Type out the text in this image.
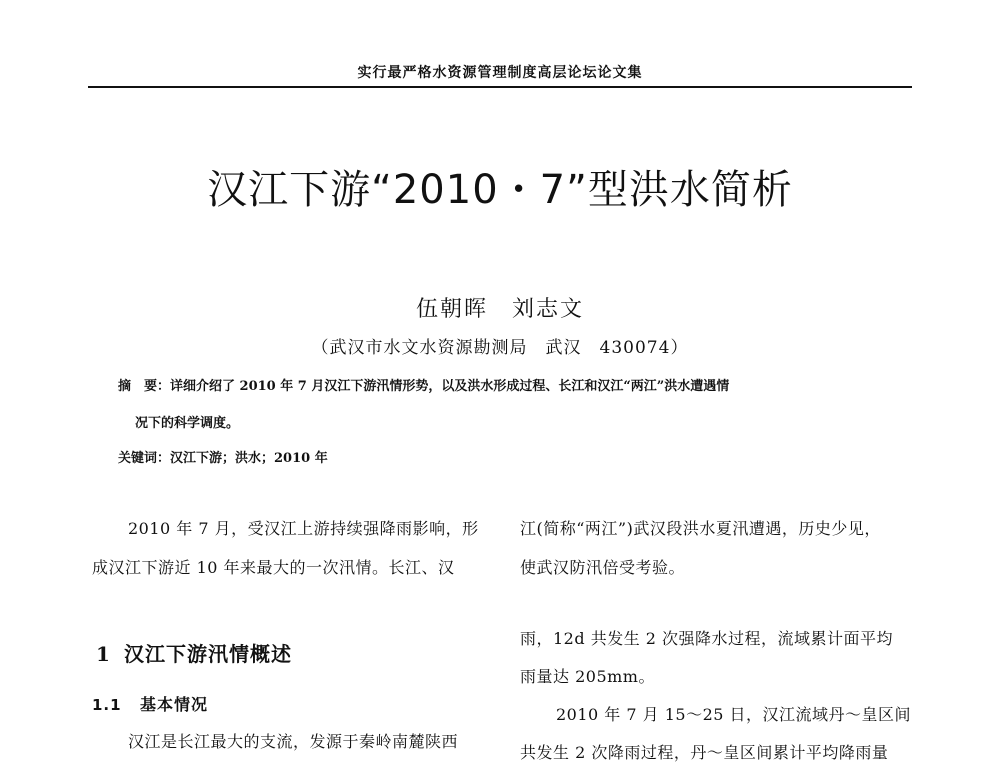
实行最严格水资源管理制度高层论坛论文集
汉江下游“2010・7”型洪水简析
伍朝晖　刘志文
（武汉市水文水资源勘测局　武汉　430074）
摘　要：详细介绍了 2010 年 7 月汉江下游汛情形势，以及洪水形成过程、长江和汉江“两江”洪水遭遇情
况下的科学调度。
关键词：汉江下游；洪水；2010 年
2010 年 7 月，受汉江上游持续强降雨影响，形
成汉江下游近 10 年来最大的一次汛情。长江、汉
1 汉江下游汛情概述
1.1 基本情况
汉江是长江最大的支流，发源于秦岭南麓陕西
江(简称“两江”)武汉段洪水夏汛遭遇，历史少见，
使武汉防汛倍受考验。
雨，12d 共发生 2 次强降水过程，流域累计面平均
雨量达 205mm。
2010 年 7 月 15～25 日，汉江流域丹～皇区间
共发生 2 次降雨过程，丹～皇区间累计平均降雨量
